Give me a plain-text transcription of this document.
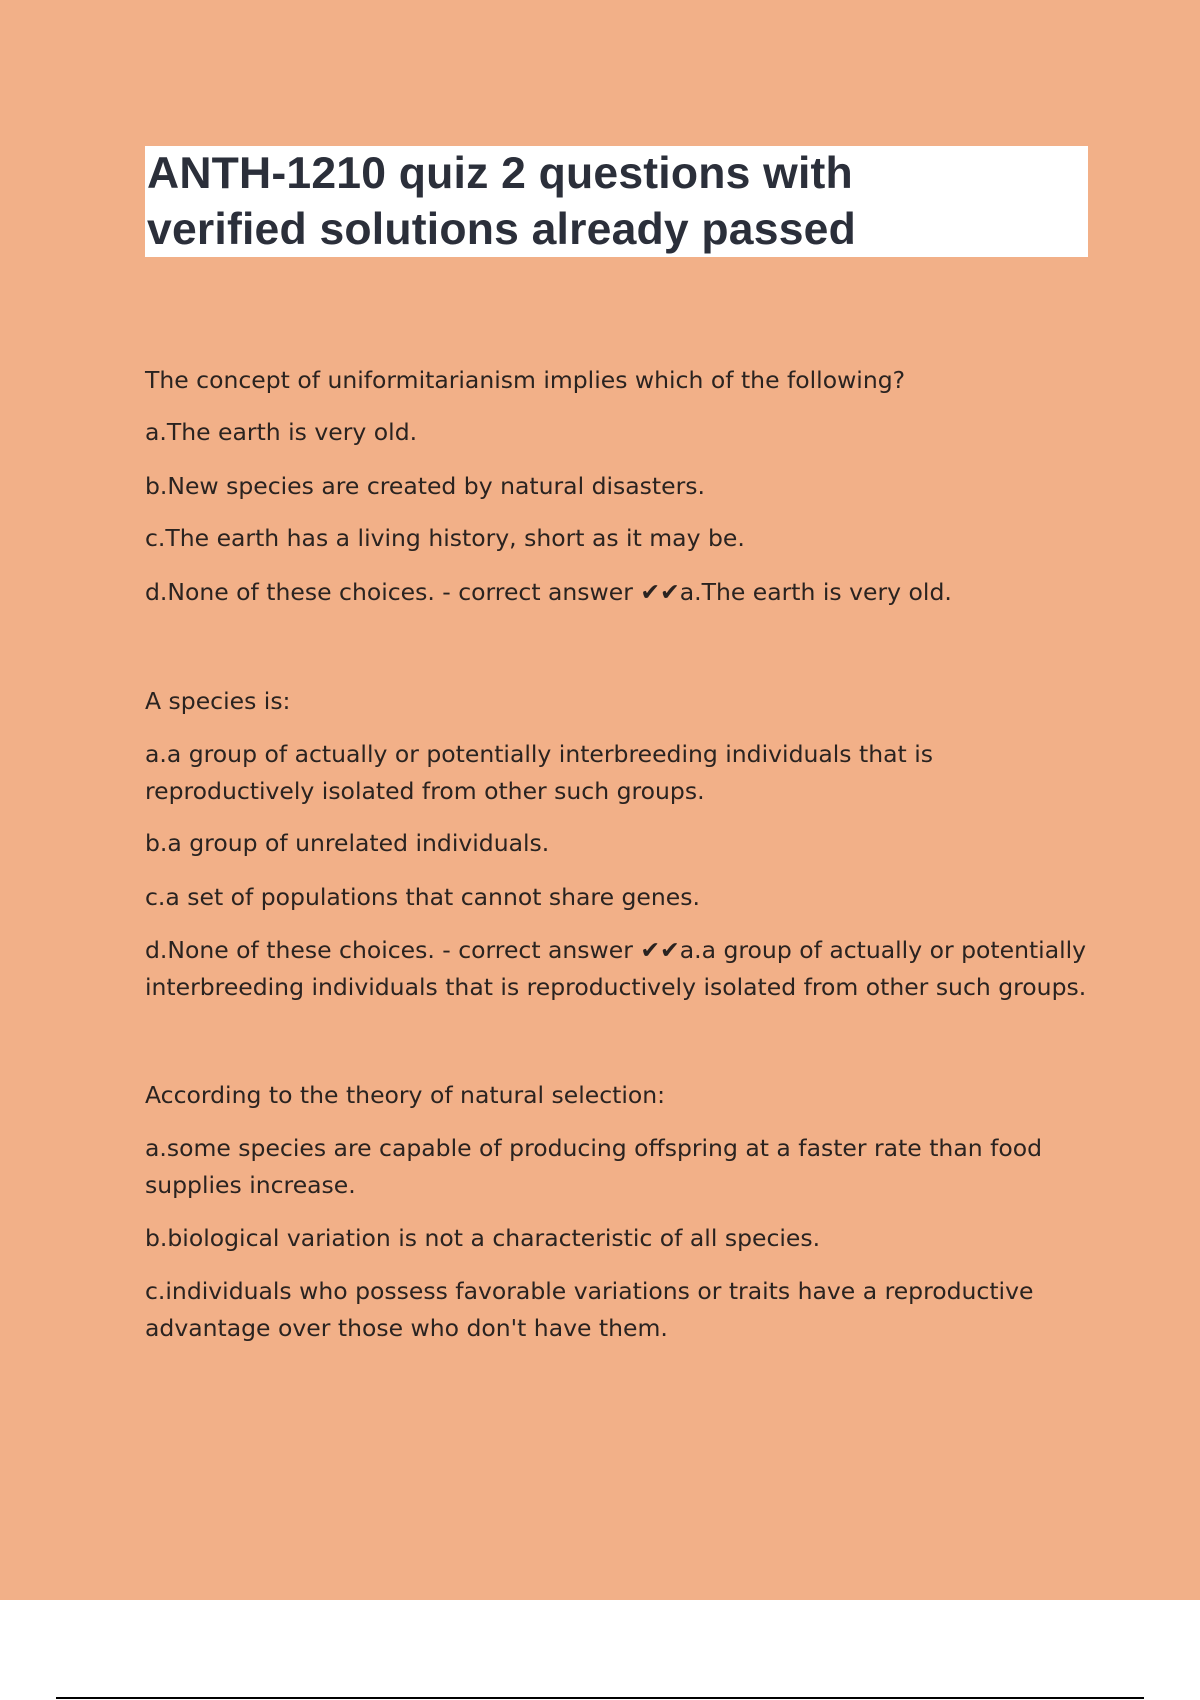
ANTH-1210 quiz 2 questions with
verified solutions already passed

The concept of uniformitarianism implies which of the following?

a.The earth is very old.

b.New species are created by natural disasters.

c.The earth has a living history, short as it may be.

d.None of these choices. - correct answer ✔✔a.The earth is very old.

A species is:

a.a group of actually or potentially interbreeding individuals that is reproductively isolated from other such groups.

b.a group of unrelated individuals.

c.a set of populations that cannot share genes.

d.None of these choices. - correct answer ✔✔a.a group of actually or potentially interbreeding individuals that is reproductively isolated from other such groups.

According to the theory of natural selection:

a.some species are capable of producing offspring at a faster rate than food supplies increase.

b.biological variation is not a characteristic of all species.

c.individuals who possess favorable variations or traits have a reproductive advantage over those who don't have them.
